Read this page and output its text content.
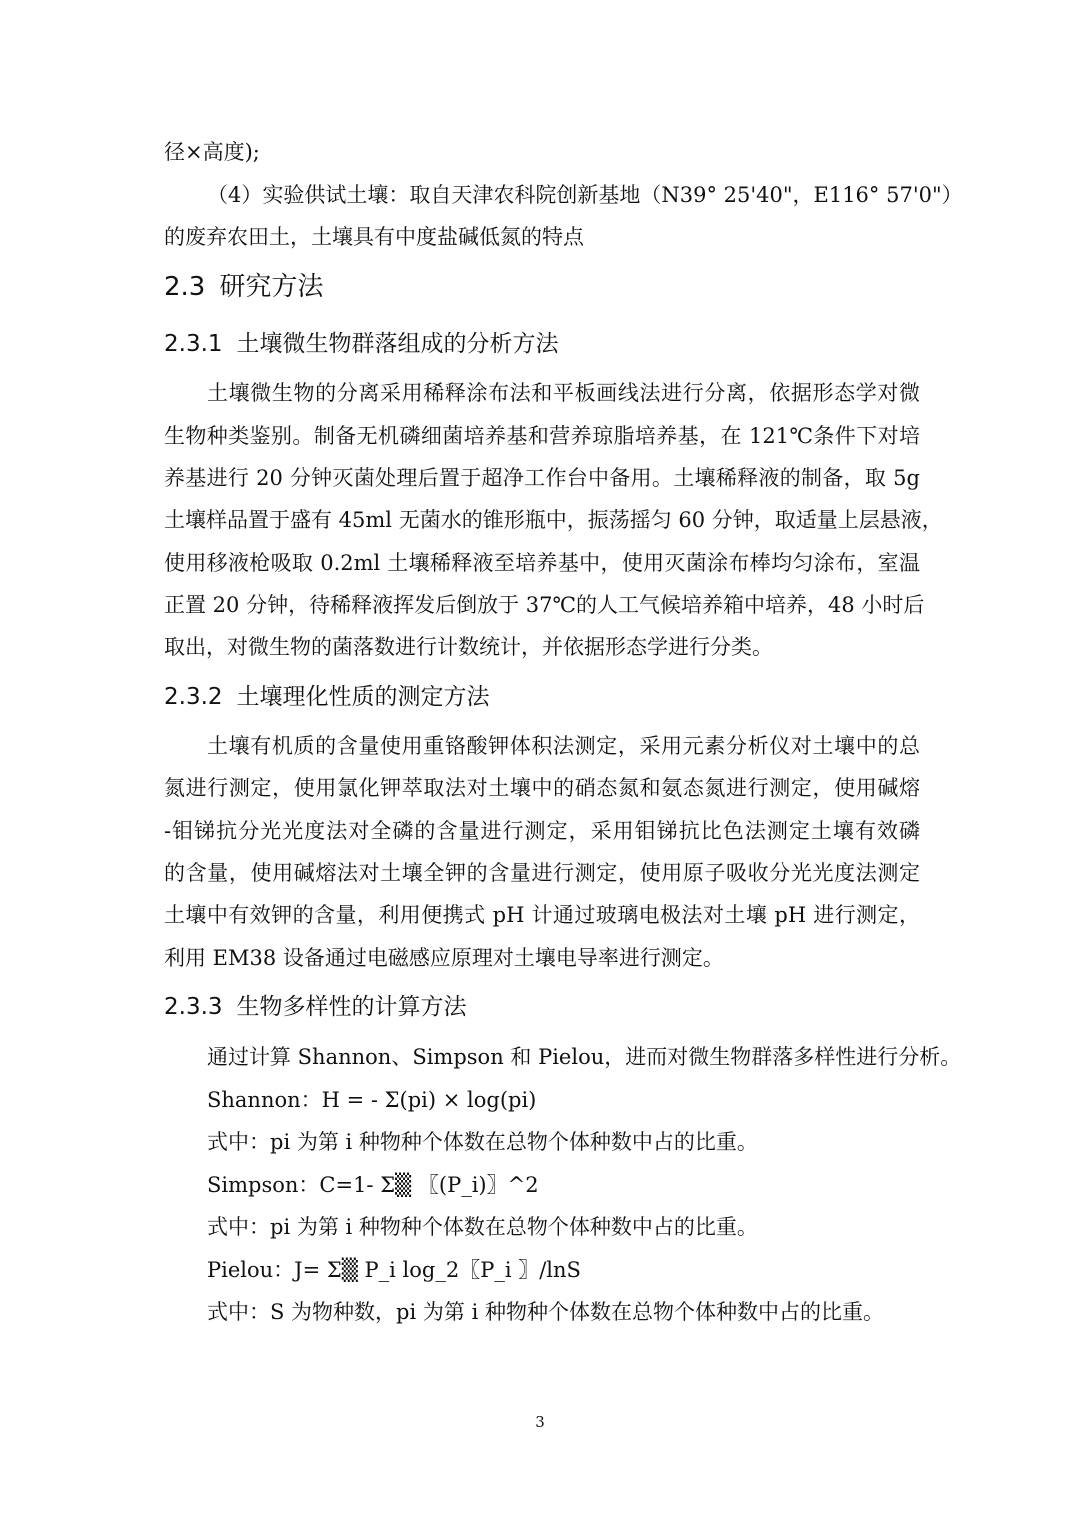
径×高度);
（4）实验供试土壤：取自天津农科院创新基地（N39° 25'40"，E116° 57'0"）
的废弃农田土，土壤具有中度盐碱低氮的特点
2.3 研究方法
2.3.1 土壤微生物群落组成的分析方法
土壤微生物的分离采用稀释涂布法和平板画线法进行分离，依据形态学对微
生物种类鉴别。制备无机磷细菌培养基和营养琼脂培养基，在 121℃条件下对培
养基进行 20 分钟灭菌处理后置于超净工作台中备用。土壤稀释液的制备，取 5g
土壤样品置于盛有 45ml 无菌水的锥形瓶中，振荡摇匀 60 分钟，取适量上层悬液，
使用移液枪吸取 0.2ml 土壤稀释液至培养基中，使用灭菌涂布棒均匀涂布，室温
正置 20 分钟，待稀释液挥发后倒放于 37℃的人工气候培养箱中培养，48 小时后
取出，对微生物的菌落数进行计数统计，并依据形态学进行分类。
2.3.2 土壤理化性质的测定方法
土壤有机质的含量使用重铬酸钾体积法测定，采用元素分析仪对土壤中的总
氮进行测定，使用氯化钾萃取法对土壤中的硝态氮和氨态氮进行测定，使用碱熔
-钼锑抗分光光度法对全磷的含量进行测定，采用钼锑抗比色法测定土壤有效磷
的含量，使用碱熔法对土壤全钾的含量进行测定，使用原子吸收分光光度法测定
土壤中有效钾的含量，利用便携式 pH 计通过玻璃电极法对土壤 pH 进行测定，
利用 EM38 设备通过电磁感应原理对土壤电导率进行测定。
2.3.3 生物多样性的计算方法
通过计算 Shannon、Simpson 和 Pielou，进而对微生物群落多样性进行分析。
Shannon：H = - Σ(pi) × log(pi)
式中：pi 为第 i 种物种个体数在总物个体种数中占的比重。
Simpson：C=1- Σ▒ 〖(P_i)〗^2
式中：pi 为第 i 种物种个体数在总物个体种数中占的比重。
Pielou：J= Σ▒ P_i log_2⁡〖P_i 〗/lnS
式中：S 为物种数，pi 为第 i 种物种个体数在总物个体种数中占的比重。
3
